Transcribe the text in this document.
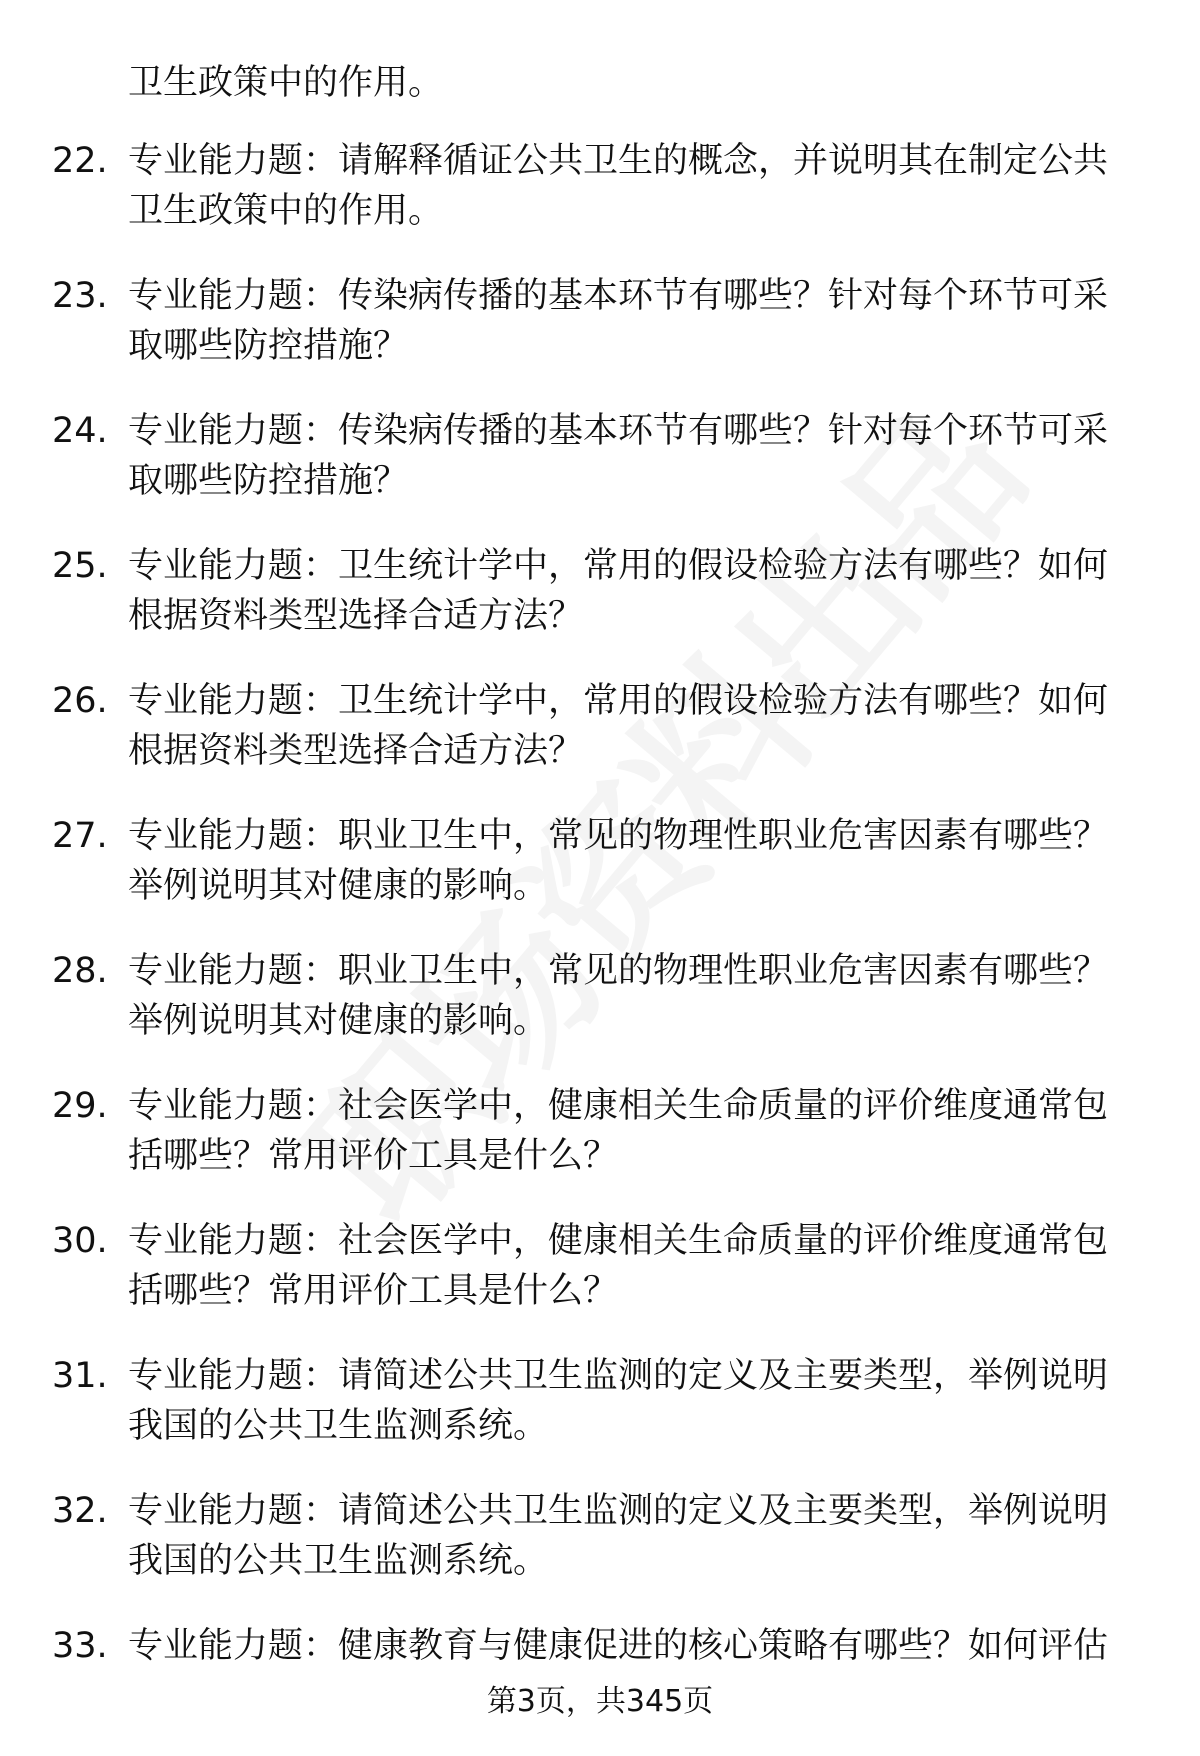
卫生政策中的作用。
22. 专业能力题：请解释循证公共卫生的概念，并说明其在制定公共
卫生政策中的作用。
23. 专业能力题：传染病传播的基本环节有哪些？针对每个环节可采
取哪些防控措施？
24. 专业能力题：传染病传播的基本环节有哪些？针对每个环节可采
取哪些防控措施？
25. 专业能力题：卫生统计学中，常用的假设检验方法有哪些？如何
根据资料类型选择合适方法？
26. 专业能力题：卫生统计学中，常用的假设检验方法有哪些？如何
根据资料类型选择合适方法？
27. 专业能力题：职业卫生中，常见的物理性职业危害因素有哪些？
举例说明其对健康的影响。
28. 专业能力题：职业卫生中，常见的物理性职业危害因素有哪些？
举例说明其对健康的影响。
29. 专业能力题：社会医学中，健康相关生命质量的评价维度通常包
括哪些？常用评价工具是什么？
30. 专业能力题：社会医学中，健康相关生命质量的评价维度通常包
括哪些？常用评价工具是什么？
31. 专业能力题：请简述公共卫生监测的定义及主要类型，举例说明
我国的公共卫生监测系统。
32. 专业能力题：请简述公共卫生监测的定义及主要类型，举例说明
我国的公共卫生监测系统。
33. 专业能力题：健康教育与健康促进的核心策略有哪些？如何评估
第3页，共345页
